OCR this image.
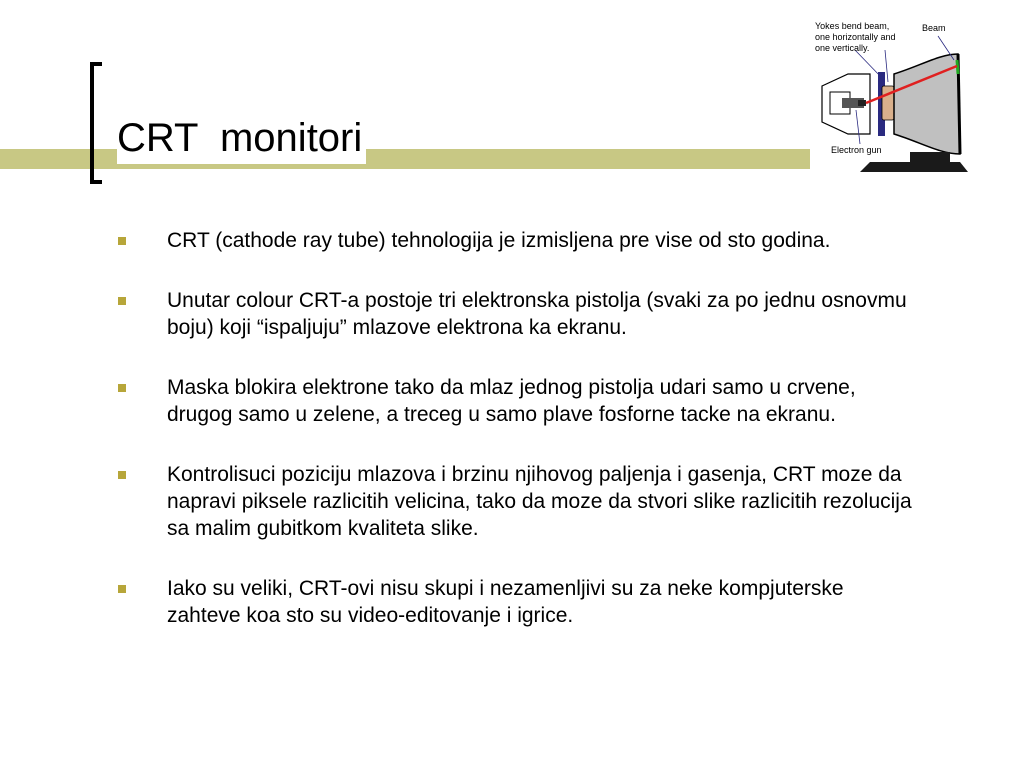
CRT  monitori
Yokes bend beam, one horizontally and one vertically.
Beam
Electron gun
CRT (cathode ray tube) tehnologija je izmisljena pre vise od sto godina.
Unutar colour CRT-a postoje tri elektronska pistolja (svaki za po jednu osnovmu boju) koji “ispaljuju” mlazove elektrona ka ekranu.
Maska blokira elektrone tako da mlaz jednog pistolja udari samo u crvene, drugog samo u zelene, a treceg u samo plave fosforne tacke na ekranu.
Kontrolisuci poziciju mlazova i brzinu njihovog paljenja i gasenja, CRT moze da napravi piksele razlicitih velicina, tako da moze da stvori slike razlicitih rezolucija sa malim gubitkom kvaliteta slike.
Iako su veliki, CRT-ovi nisu skupi i nezamenljivi su za neke kompjuterske zahteve koa sto su video-editovanje i igrice.
